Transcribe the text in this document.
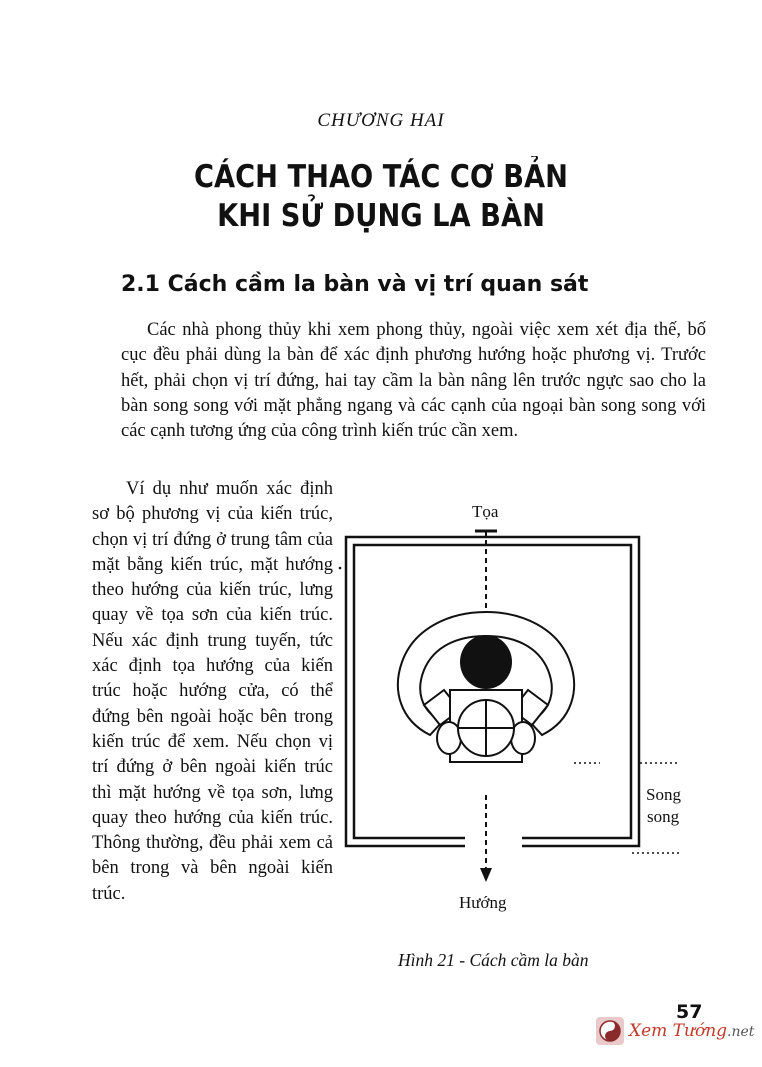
CHƯƠNG HAI
CÁCH THAO TÁC CƠ BẢN
KHI SỬ DỤNG LA BÀN
2.1 Cách cầm la bàn và vị trí quan sát
Các nhà phong thủy khi xem phong thủy, ngoài việc xem xét địa thế, bố cục đều phải dùng la bàn để xác định phương hướng hoặc phương vị. Trước hết, phải chọn vị trí đứng, hai tay cầm la bàn nâng lên trước ngực sao cho la bàn song song với mặt phẳng ngang và các cạnh của ngoại bàn song song với các cạnh tương ứng của công trình kiến trúc cần xem.
Ví dụ như muốn xác định sơ bộ phương vị của kiến trúc, chọn vị trí đứng ở trung tâm của mặt bằng kiến trúc, mặt hướng theo hướng của kiến trúc, lưng quay về tọa sơn của kiến trúc. Nếu xác định trung tuyến, tức xác định tọa hướng của kiến trúc hoặc hướng cửa, có thể đứng bên ngoài hoặc bên trong kiến trúc để xem. Nếu chọn vị trí đứng ở bên ngoài kiến trúc thì mặt hướng về tọa sơn, lưng quay theo hướng của kiến trúc. Thông thường, đều phải xem cả bên trong và bên ngoài kiến trúc.
Tọa
Song
song
Hướng
Hình 21 - Cách cầm la bàn
57
Xem Tướng.net
